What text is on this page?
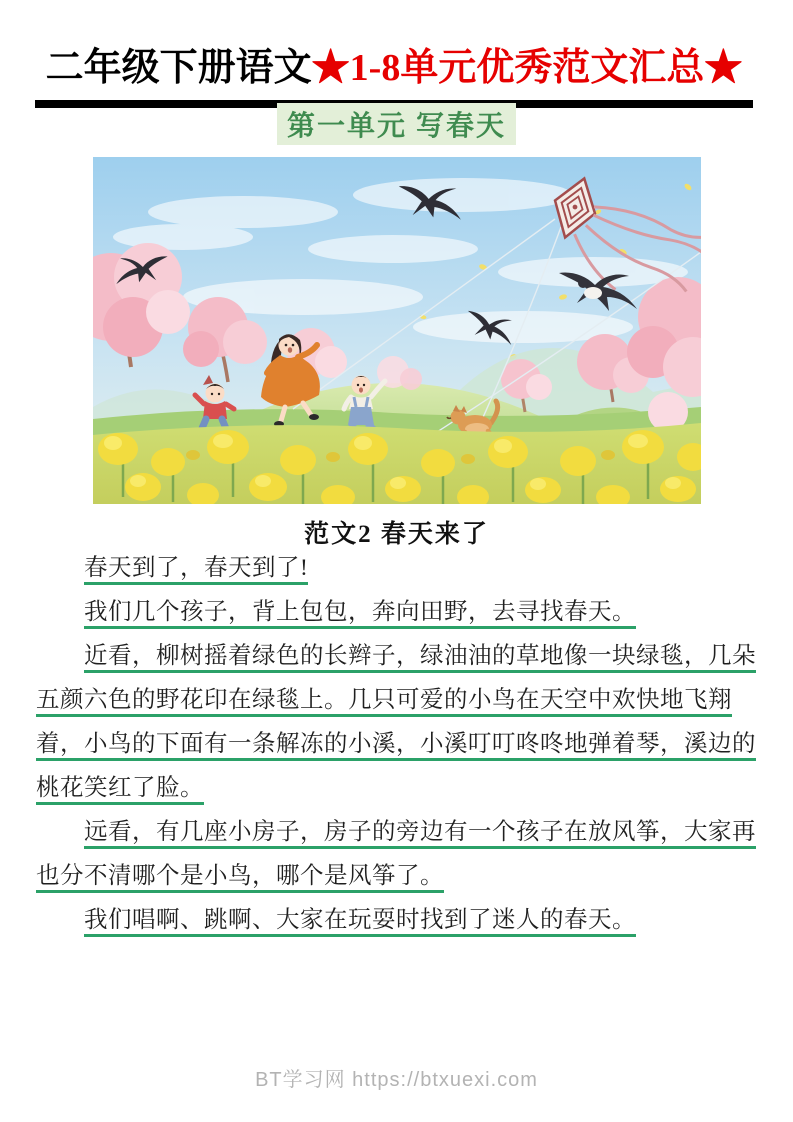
二年级下册语文★1-8单元优秀范文汇总★
第一单元 写春天
范文2 春天来了
春天到了，春天到了!
我们几个孩子，背上包包，奔向田野，去寻找春天。
近看，柳树摇着绿色的长辫子，绿油油的草地像一块绿毯，几朵
五颜六色的野花印在绿毯上。几只可爱的小鸟在天空中欢快地飞翔
着，小鸟的下面有一条解冻的小溪，小溪叮叮咚咚地弹着琴，溪边的
桃花笑红了脸。
远看，有几座小房子，房子的旁边有一个孩子在放风筝，大家再
也分不清哪个是小鸟，哪个是风筝了。
我们唱啊、跳啊、大家在玩耍时找到了迷人的春天。
BT学习网 https://btxuexi.com
